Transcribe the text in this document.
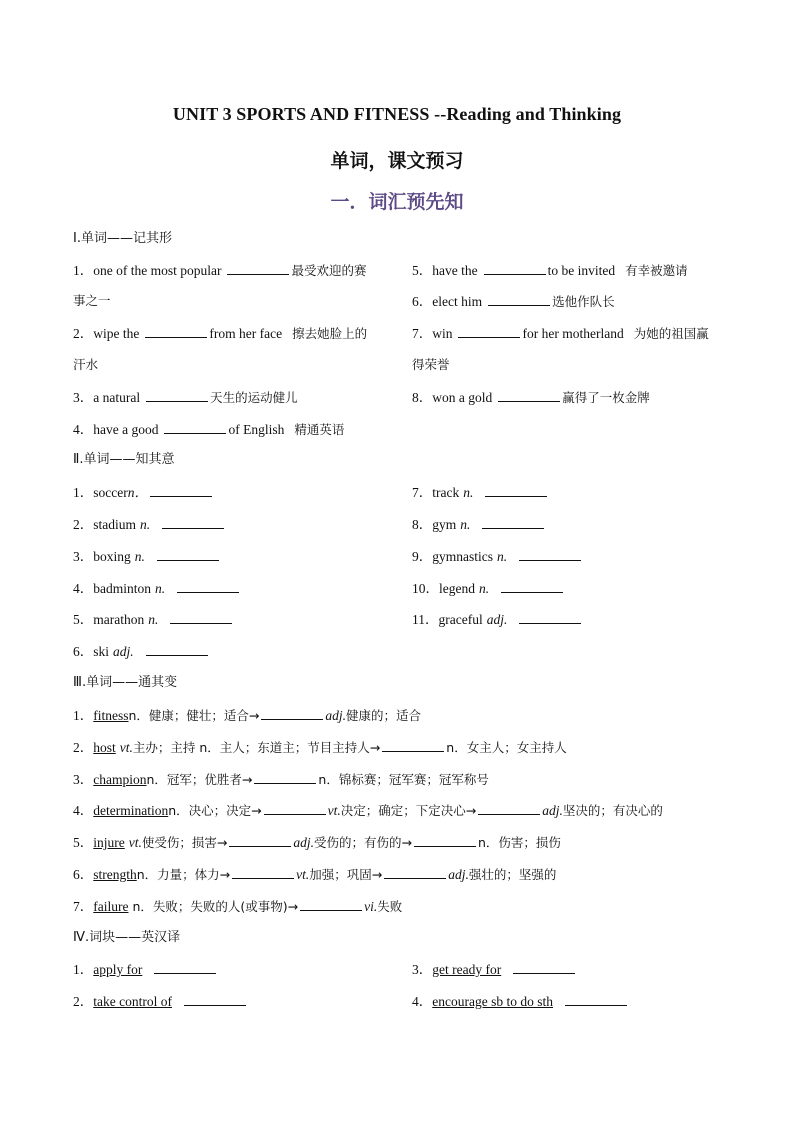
UNIT 3 SPORTS AND FITNESS --Reading and Thinking
单词，课文预习
一．词汇预先知
Ⅰ.单词——记其形
1．one of the most popular	最受欢迎的赛
事之一
5．have the	to be invited 有幸被邀请
6．elect him	选他作队长
2．wipe the	from her face 擦去她脸上的
汗水
7．win	for her motherland 为她的祖国赢
得荣誉
3．a natural	天生的运动健儿	8．won a gold	赢得了一枚金牌
4．have a good	of English 精通英语
Ⅱ.单词——知其意
1．soccern．	7．track n.
2．stadium n.	8．gym n.
3．boxing n.	9．gymnastics n.
4．badminton n.	10．legend n.
5．marathon n.	11．graceful adj.
6．ski adj.
Ⅲ.单词——通其变
1．fitnessn．健康；健壮；适合→	adj.健康的；适合
2．host vt.主办；主持 n．主人；东道主；节目主持人→	n．女主人；女主持人
3．championn．冠军；优胜者→	n．锦标赛；冠军赛；冠军称号
4．determinationn．决心；决定→	vt.决定；确定；下定决心→	adj.坚决的；有决心的
5．injure vt.使受伤；损害→	adj.受伤的；有伤的→	n．伤害；损伤
6．strengthn．力量；体力→	vt.加强；巩固→	adj.强壮的；坚强的
7．failure n．失败；失败的人(或事物)→	vi.失败
Ⅳ.词块——英汉译
1．apply for	3．get ready for
2．take control of	4．encourage sb to do sth
